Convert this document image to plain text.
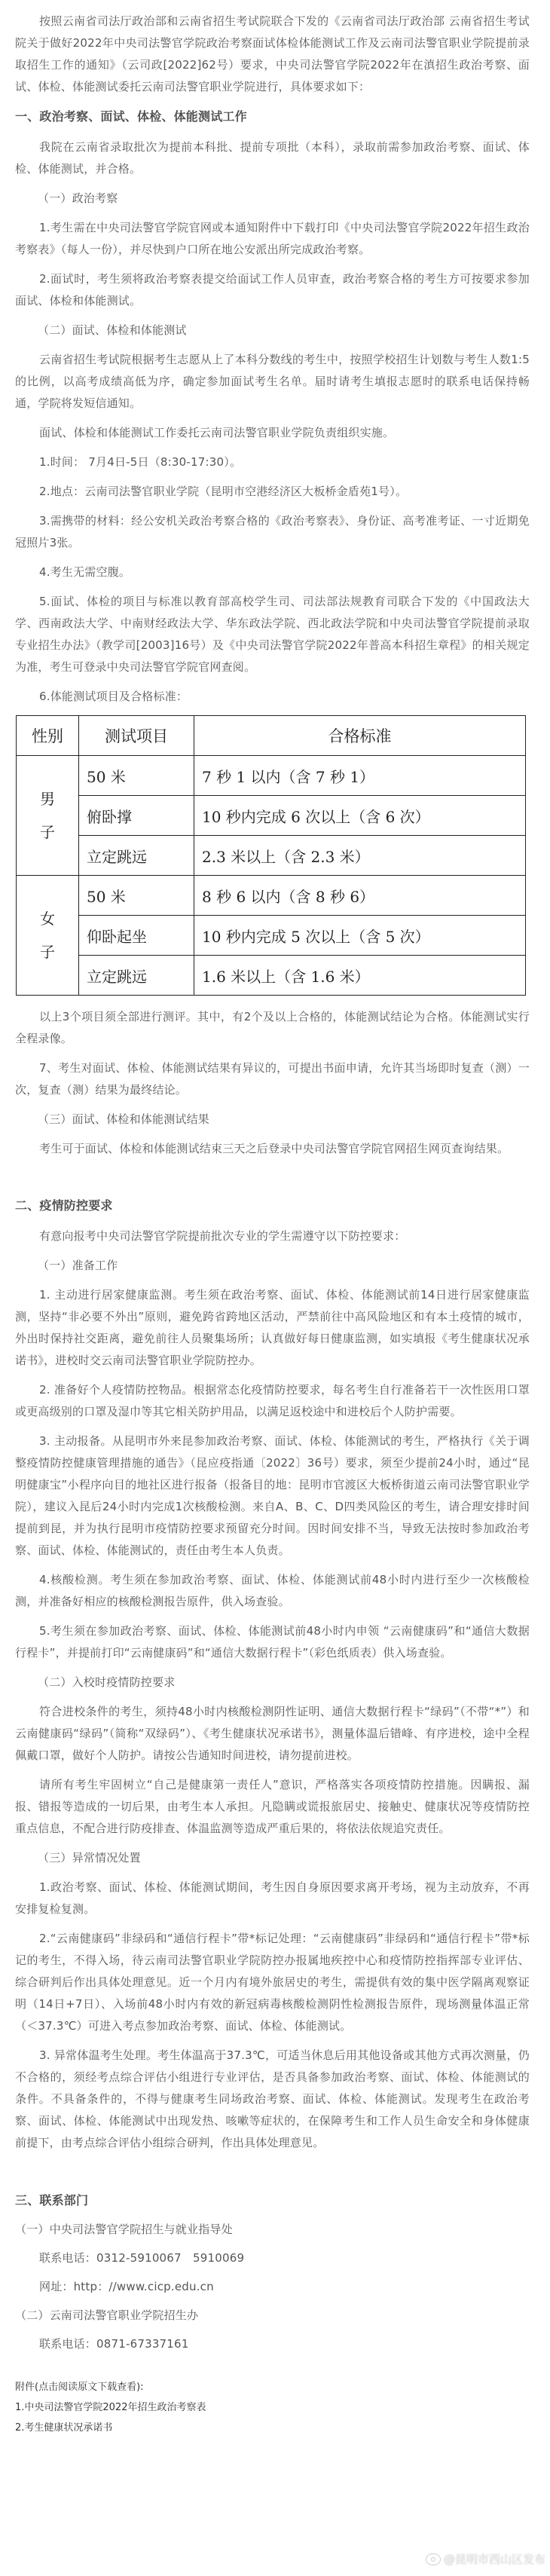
按照云南省司法厅政治部和云南省招生考试院联合下发的《云南省司法厅政治部 云南省招生考试院关于做好2022年中央司法警官学院政治考察面试体检体能测试工作及云南司法警官职业学院提前录取招生工作的通知》（云司政[2022]62号）要求，中央司法警官学院2022年在滇招生政治考察、面试、体检、体能测试委托云南司法警官职业学院进行，具体要求如下：

一、政治考察、面试、体检、体能测试工作

我院在云南省录取批次为提前本科批、提前专项批（本科），录取前需参加政治考察、面试、体检、体能测试，并合格。

（一）政治考察

1.考生需在中央司法警官学院官网或本通知附件中下载打印《中央司法警官学院2022年招生政治考察表》（每人一份），并尽快到户口所在地公安派出所完成政治考察。

2.面试时，考生须将政治考察表提交给面试工作人员审查，政治考察合格的考生方可按要求参加面试、体检和体能测试。

（二）面试、体检和体能测试

云南省招生考试院根据考生志愿从上了本科分数线的考生中，按照学校招生计划数与考生人数1:5的比例，以高考成绩高低为序，确定参加面试考生名单。届时请考生填报志愿时的联系电话保持畅通，学院将发短信通知。

面试、体检和体能测试工作委托云南司法警官职业学院负责组织实施。

1.时间： 7月4日-5日（8:30-17:30）。

2.地点：云南司法警官职业学院（昆明市空港经济区大板桥金盾苑1号）。

3.需携带的材料：经公安机关政治考察合格的《政治考察表》、身份证、高考准考证、一寸近期免冠照片3张。

4.考生无需空腹。

5.面试、体检的项目与标准以教育部高校学生司、司法部法规教育司联合下发的《中国政法大学、西南政法大学、中南财经政法大学、华东政法学院、西北政法学院和中央司法警官学院提前录取专业招生办法》（教学司[2003]16号）及《中央司法警官学院2022年普高本科招生章程》的相关规定为准，考生可登录中央司法警官学院官网查阅。

6.体能测试项目及合格标准：

性别	测试项目	合格标准
男
子	50 米	7 秒 1 以内（含 7 秒 1）
	俯卧撑	10 秒内完成 6 次以上（含 6 次）
	立定跳远	2.3 米以上（含 2.3 米）
女
子	50 米	8 秒 6 以内（含 8 秒 6）
	仰卧起坐	10 秒内完成 5 次以上（含 5 次）
	立定跳远	1.6 米以上（含 1.6 米）

以上3个项目须全部进行测评。其中，有2个及以上合格的，体能测试结论为合格。体能测试实行全程录像。

7、考生对面试、体检、体能测试结果有异议的，可提出书面申请，允许其当场即时复查（测）一次，复查（测）结果为最终结论。

（三）面试、体检和体能测试结果

考生可于面试、体检和体能测试结束三天之后登录中央司法警官学院官网招生网页查询结果。

二、疫情防控要求

有意向报考中央司法警官学院提前批次专业的学生需遵守以下防控要求：

（一）准备工作

1. 主动进行居家健康监测。考生须在政治考察、面试、体检、体能测试前14日进行居家健康监测，坚持“非必要不外出”原则，避免跨省跨地区活动，严禁前往中高风险地区和有本土疫情的城市，外出时保持社交距离，避免前往人员聚集场所；认真做好每日健康监测，如实填报《考生健康状况承诺书》，进校时交云南司法警官职业学院防控办。

2. 准备好个人疫情防控物品。根据常态化疫情防控要求，每名考生自行准备若干一次性医用口罩或更高级别的口罩及湿巾等其它相关防护用品，以满足返校途中和进校后个人防护需要。

3. 主动报备。从昆明市外来昆参加政治考察、面试、体检、体能测试的考生，严格执行《关于调整疫情防控健康管理措施的通告》（昆应疫指通〔2022〕36号）要求，须至少提前24小时，通过“昆明健康宝”小程序向目的地社区进行报备（报备目的地：昆明市官渡区大板桥街道云南司法警官职业学院），建议入昆后24小时内完成1次核酸检测。来自A、B、C、D四类风险区的考生，请合理安排时间提前到昆，并为执行昆明市疫情防控要求预留充分时间。因时间安排不当，导致无法按时参加政治考察、面试、体检、体能测试的，责任由考生本人负责。

4.核酸检测。考生须在参加政治考察、面试、体检、体能测试前48小时内进行至少一次核酸检测，并准备好相应的核酸检测报告原件，供入场查验。

5.考生须在参加政治考察、面试、体检、体能测试前48小时内申领 “云南健康码”和“通信大数据行程卡”，并提前打印“云南健康码”和“通信大数据行程卡”（彩色纸质表）供入场查验。

（二）入校时疫情防控要求

符合进校条件的考生，须持48小时内核酸检测阴性证明、通信大数据行程卡“绿码”（不带“*”）和云南健康码“绿码”（简称“双绿码”）、《考生健康状况承诺书》，测量体温后错峰、有序进校，途中全程佩戴口罩，做好个人防护。请按公告通知时间进校，请勿提前进校。

请所有考生牢固树立“自己是健康第一责任人”意识，严格落实各项疫情防控措施。因瞒报、漏报、错报等造成的一切后果，由考生本人承担。凡隐瞒或谎报旅居史、接触史、健康状况等疫情防控重点信息，不配合进行防疫排查、体温监测等造成严重后果的，将依法依规追究责任。

（三）异常情况处置

1.政治考察、面试、体检、体能测试期间，考生因自身原因要求离开考场，视为主动放弃，不再安排复检复测。

2.“云南健康码”非绿码和“通信行程卡”带*标记处理：“云南健康码”非绿码和“通信行程卡”带*标记的考生，不得入场，待云南司法警官职业学院防控办报属地疾控中心和疫情防控指挥部专业评估、综合研判后作出具体处理意见。近一个月内有境外旅居史的考生，需提供有效的集中医学隔离观察证明（14日+7日）、入场前48小时内有效的新冠病毒核酸检测阴性检测报告原件，现场测量体温正常（＜37.3℃）可进入考点参加政治考察、面试、体检、体能测试。

3. 异常体温考生处理。考生体温高于37.3℃，可适当休息后用其他设备或其他方式再次测量，仍不合格的，须经考点综合评估小组进行专业评估，是否具备参加政治考察、面试、体检、体能测试的条件。不具备条件的，不得与健康考生同场政治考察、面试、体检、体能测试。发现考生在政治考察、面试、体检、体能测试中出现发热、咳嗽等症状的，在保障考生和工作人员生命安全和身体健康前提下，由考点综合评估小组综合研判，作出具体处理意见。

三、联系部门

（一）中央司法警官学院招生与就业指导处

联系电话：0312-5910067　5910069

网址：http：//www.cicp.edu.cn

（二）云南司法警官职业学院招生办

联系电话：0871-67337161

附件(点击阅读原文下载查看):

1.中央司法警官学院2022年招生政治考察表

2.考生健康状况承诺书

@昆明市西山区发布
